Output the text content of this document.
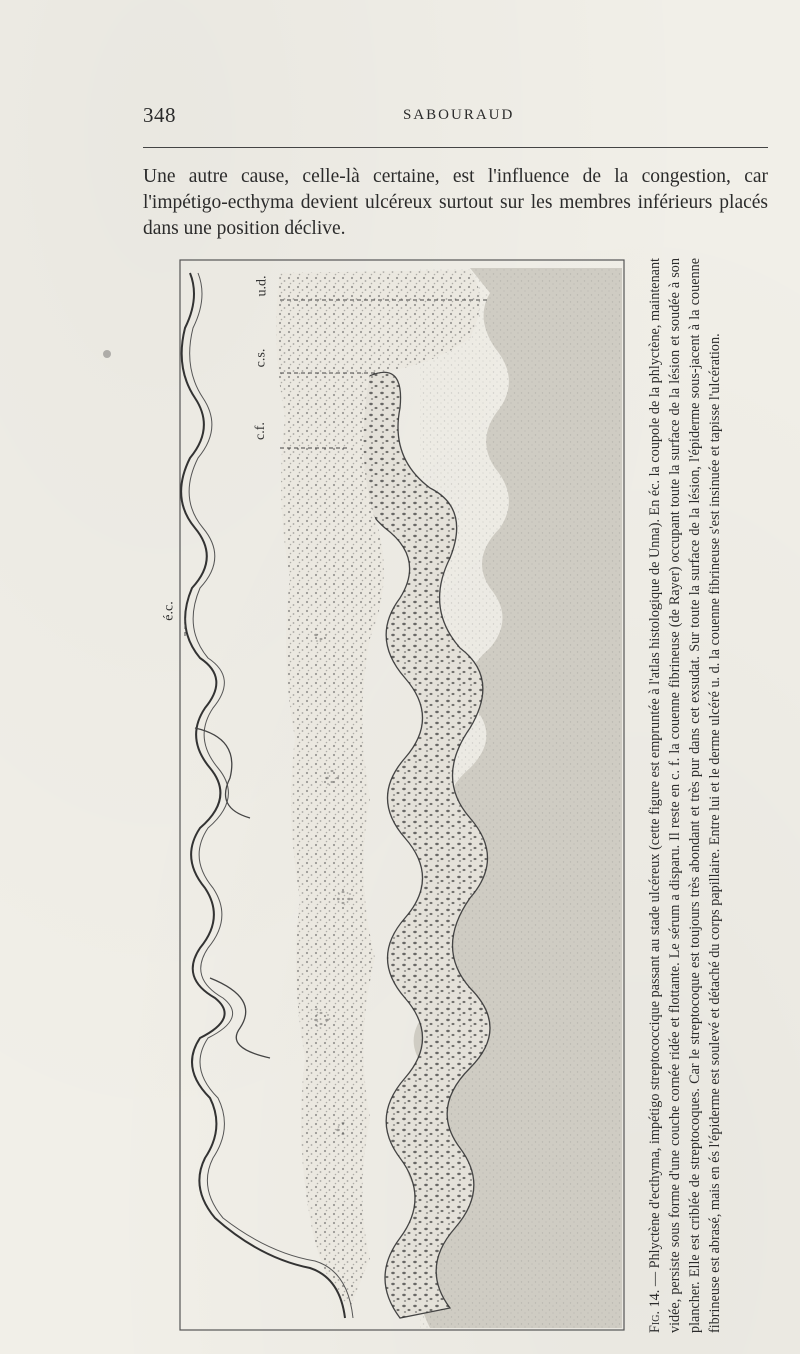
348	SABOURAUD

Une autre cause, celle-là certaine, est l'influence de la congestion, car l'impétigo-ecthyma devient ulcéreux surtout sur les membres inférieurs placés dans une position déclive.

u.d.
c.s.
c.f.
é.c.
Fig. 14. — Phlyctène d'ecthyma, impétigo streptococcique passant au stade ulcéreux (cette figure est empruntée à l'atlas histologique de Unna). En éc. la coupole de la phlyctène, maintenant vidée, persiste sous forme d'une couche cornée ridée et flottante. Le sérum a disparu. Il reste en c. f. la couenne fibrineuse (de Rayer) occupant toute la surface de la lésion et soudée à son plancher. Elle est criblée de streptocoques. Car le streptocoque est toujours très abondant et très pur dans cet exsudat. Sur toute la surface de la lésion, l'épiderme sous-jacent à la couenne fibrineuse est abrasé, mais en és l'épiderme est soulevé et détaché du corps papillaire. Entre lui et le derme ulcéré u. d. la couenne fibrineuse s'est insinuée et tapisse l'ulcération.
